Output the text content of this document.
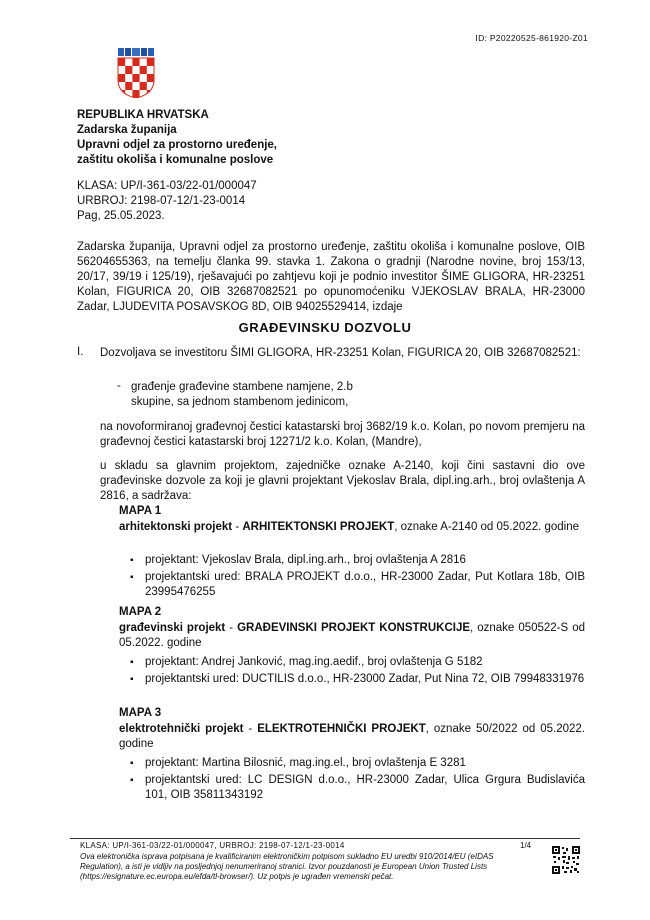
ID: P20220525-861920-Z01
REPUBLIKA HRVATSKA
Zadarska županija
Upravni odjel za prostorno uređenje,
zaštitu okoliša i komunalne poslove
KLASA: UP/I-361-03/22-01/000047
URBROJ: 2198-07-12/1-23-0014
Pag, 25.05.2023.
Zadarska županija, Upravni odjel za prostorno uređenje, zaštitu okoliša i komunalne poslove, OIB 56204655363, na temelju članka 99. stavka 1. Zakona o gradnji (Narodne novine, broj 153/13, 20/17, 39/19 i 125/19), rješavajući po zahtjevu koji je podnio investitor ŠIME GLIGORA, HR-23251 Kolan, FIGURICA 20, OIB 32687082521 po opunomoćeniku VJEKOSLAV BRALA, HR-23000 Zadar, LJUDEVITA POSAVSKOG 8D, OIB 94025529414, izdaje
GRAĐEVINSKU DOZVOLU
I. Dozvoljava se investitoru ŠIMI GLIGORA, HR-23251 Kolan, FIGURICA 20, OIB 32687082521:
- građenje građevine stambene namjene, 2.b skupine, sa jednom stambenom jedinicom,
na novoformiranoj građevnoj čestici katastarski broj 3682/19 k.o. Kolan, po novom premjeru na građevnoj čestici katastarski broj 12271/2 k.o. Kolan, (Mandre),
u skladu sa glavnim projektom, zajedničke oznake A-2140, koji čini sastavni dio ove građevinske dozvole za koji je glavni projektant Vjekoslav Brala, dipl.ing.arh., broj ovlaštenja A 2816, a sadržava:
MAPA 1
arhitektonski projekt - ARHITEKTONSKI PROJEKT, oznake A-2140 od 05.2022. godine
▪ projektant: Vjekoslav Brala, dipl.ing.arh., broj ovlaštenja A 2816
▪ projektantski ured: BRALA PROJEKT d.o.o., HR-23000 Zadar, Put Kotlara 18b, OIB 23995476255
MAPA 2
građevinski projekt - GRAĐEVINSKI PROJEKT KONSTRUKCIJE, oznake 050522-S od 05.2022. godine
▪ projektant: Andrej Janković, mag.ing.aedif., broj ovlaštenja G 5182
▪ projektantski ured: DUCTILIS d.o.o., HR-23000 Zadar, Put Nina 72, OIB 79948331976
MAPA 3
elektrotehnički projekt - ELEKTROTEHNIČKI PROJEKT, oznake 50/2022 od 05.2022. godine
▪ projektant: Martina Bilosnić, mag.ing.el., broj ovlaštenja E 3281
▪ projektantski ured: LC DESIGN d.o.o., HR-23000 Zadar, Ulica Grgura Budislavića 101, OIB 35811343192
KLASA: UP/I-361-03/22-01/000047, URBROJ: 2198-07-12/1-23-0014	1/4
Ova elektronička isprava potpisana je kvalificiranim elektroničkim potpisom sukladno EU uredbi 910/2014/EU (eIDAS Regulation), a isti je vidljiv na posljednjoj nenumeriranoj stranici. Izvor pouzdanosti je European Union Trusted Lists (https://esignature.ec.europa.eu/efda/tl-browser/). Uz potpis je ugrađen vremenski pečat.
